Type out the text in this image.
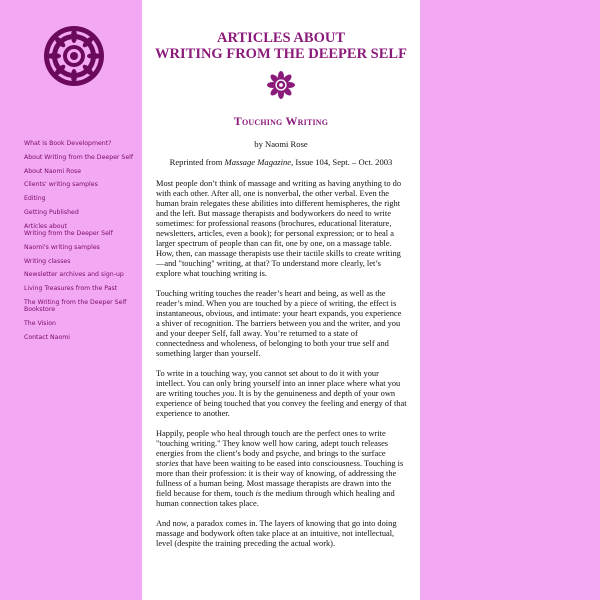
What is Book Development?
About Writing from the Deeper Self
About Naomi Rose
Clients' writing samples
Editing
Getting Published
Articles about
Writing from the Deeper Self
Naomi's writing samples
Writing classes
Newsletter archives and sign-up
Living Treasures from the Past
The Writing from the Deeper Self
Bookstore
The Vision
Contact Naomi
ARTICLES ABOUT
WRITING FROM THE DEEPER SELF
Touching Writing
by Naomi Rose
Reprinted from Massage Magazine, Issue 104, Sept. – Oct. 2003

Most people don’t think of massage and writing as having anything to do with each other. After all, one is nonverbal, the other verbal. Even the human brain relegates these abilities into different hemispheres, the right and the left. But massage therapists and bodyworkers do need to write sometimes: for professional reasons (brochures, educational literature, newsletters, articles, even a book); for personal expression; or to heal a larger spectrum of people than can fit, one by one, on a massage table. How, then, can massage therapists use their tactile skills to create writing—and "touching" writing, at that? To understand more clearly, let’s explore what touching writing is.

Touching writing touches the reader’s heart and being, as well as the reader’s mind. When you are touched by a piece of writing, the effect is instantaneous, obvious, and intimate: your heart expands, you experience a shiver of recognition. The barriers between you and the writer, and you and your deeper Self, fall away. You’re returned to a state of connectedness and wholeness, of belonging to both your true self and something larger than yourself.

To write in a touching way, you cannot set about to do it with your intellect. You can only bring yourself into an inner place where what you are writing touches you. It is by the genuineness and depth of your own experience of being touched that you convey the feeling and energy of that experience to another.

Happily, people who heal through touch are the perfect ones to write "touching writing." They know well how caring, adept touch releases energies from the client’s body and psyche, and brings to the surface stories that have been waiting to be eased into consciousness. Touching is more than their profession: it is their way of knowing, of addressing the fullness of a human being. Most massage therapists are drawn into the field because for them, touch is the medium through which healing and human connection takes place.

And now, a paradox comes in. The layers of knowing that go into doing massage and bodywork often take place at an intuitive, not intellectual, level (despite the training preceding the actual work).
